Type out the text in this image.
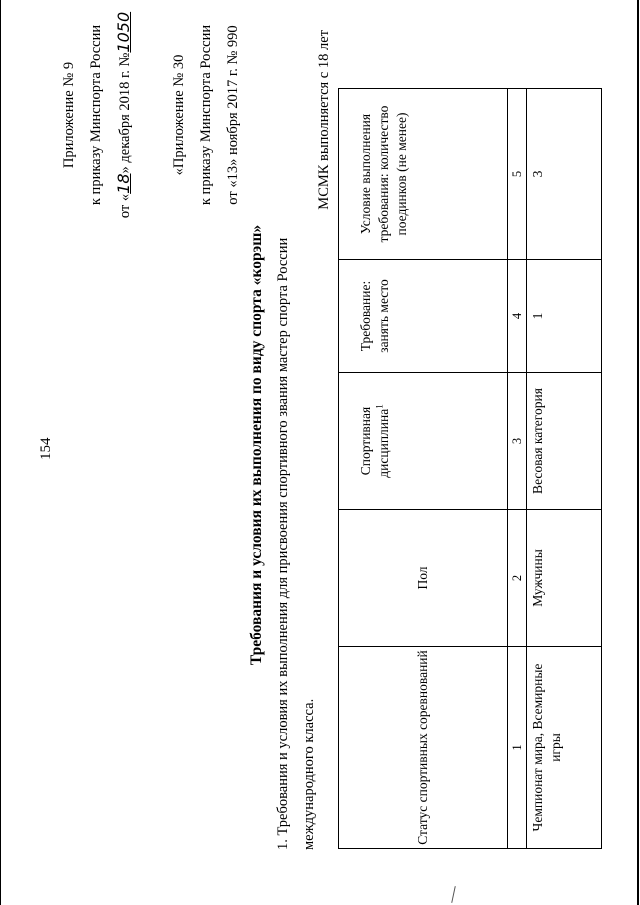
154
Приложение № 9 к приказу Минспорта России
от «18» декабря 2018 г. №1050
«Приложение № 30 к приказу Минспорта России от «13» ноября 2017 г. № 990
Требования и условия их выполнения по виду спорта «корэш» 1. Требования и условия их выполнения для присвоения спортивного звания мастер спорта России международного класса.
МСМК выполняется с 18 лет
Статус спортивных соревнований	Пол	Спортивная дисциплина$^1$	Требование: занять место	Условие выполнения требования: количество поединков (не менее)
1	2	3	4	5
Чемпионат мира, Всемирные игры	Мужчины	Весовая категория	1	3
